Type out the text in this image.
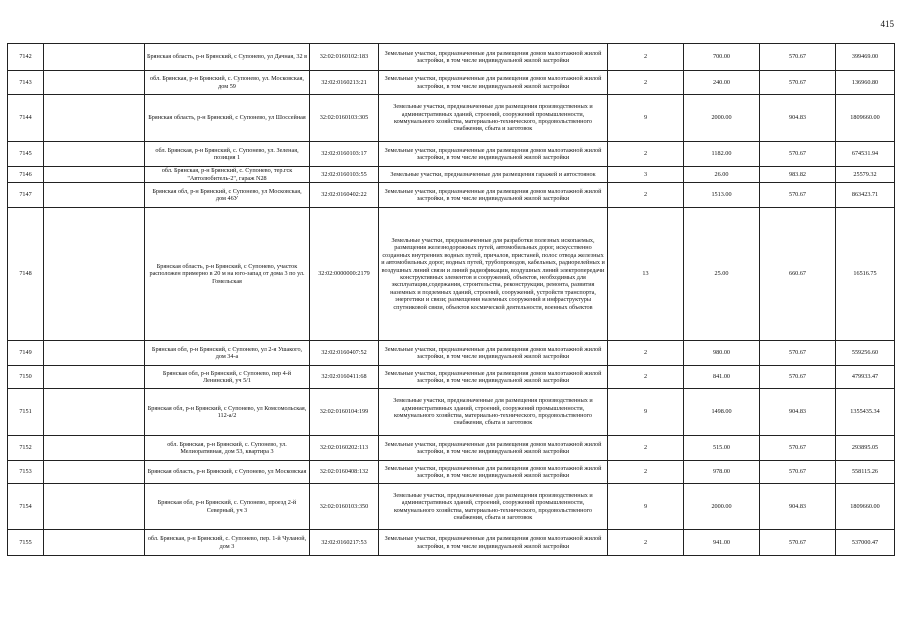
415
7142		Брянская область, р-н Брянский, с Супонево, ул Дачная, 32 в	32:02:0160102:183	Земельные участки, предназначенные для размещения домов малоэтажной жилой застройки, в том числе индивидуальной жилой застройки	2	700.00	570.67	399469.00
7143		обл. Брянская, р-н Брянский, с. Супонево, ул. Московская, дом 59	32:02:0160213:21	Земельные участки, предназначенные для размещения домов малоэтажной жилой застройки, в том числе индивидуальной жилой застройки	2	240.00	570.67	136960.80
7144		Брянская область, р-н Брянский, с Супонево, ул Шоссейная	32:02:0160103:305	Земельные участки, предназначенные для размещения производственных и административных зданий, строений, сооружений промышленности, коммунального хозяйства, материально-технического, продовольственного снабжения, сбыта и заготовок	9	2000.00	904.83	1809660.00
7145		обл. Брянская, р-н Брянский, с. Супонево, ул. Зеленая, позиция 1	32:02:0160103:17	Земельные участки, предназначенные для размещения домов малоэтажной жилой застройки, в том числе индивидуальной жилой застройки	2	1182.00	570.67	674531.94
7146		обл. Брянская, р-н Брянский, с. Супонево, тер.гск "Автолюбитель-2", гараж N28	32:02:0160103:55	Земельные участки, предназначенные для размещения гаражей и автостоянок	3	26.00	983.82	25579.32
7147		Брянская обл, р-н Брянский, с Супонево, ул Московская, дом 46У	32:02:0160402:22	Земельные участки, предназначенные для размещения домов малоэтажной жилой застройки, в том числе индивидуальной жилой застройки	2	1513.00	570.67	863423.71
7148		Брянская область, р-н Брянский, с Супонево, участок расположен примерно в 20 м на юго-запад от дома 3 по ул. Гомельская	32:02:0000000:2179	Земельные участки, предназначенные для разработки полезных ископаемых, размещения железнодорожных путей, автомобильных дорог, искусственно созданных внутренних водных путей, причалов, пристаней, полос отвода железных и автомобильных дорог, водных путей, трубопроводов, кабельных, радиорелейных и воздушных линий связи и линий радиофикации, воздушных линий электропередачи конструктивных элементов и сооружений, объектов, необходимых для эксплуатации,содержания, строительства, реконструкции, ремонта, развития наземных и подземных зданий, строений, сооружений, устройств транспорта, энергетики и связи; размещения наземных сооружений и инфраструктуры спутниковой связи, объектов космической деятельности, военных объектов	13	25.00	660.67	16516.75
7149		Брянская обл, р-н Брянский, с Супонево, ул 2-я Ушакого, дом 34-а	32:02:0160407:52	Земельные участки, предназначенные для размещения домов малоэтажной жилой застройки, в том числе индивидуальной жилой застройки	2	980.00	570.67	559256.60
7150		Брянская обл, р-н Брянский, с Супонево, пер 4-й Ленинский, уч 5/1	32:02:0160411:68	Земельные участки, предназначенные для размещения домов малоэтажной жилой застройки, в том числе индивидуальной жилой застройки	2	841.00	570.67	479933.47
7151		Брянская обл, р-н Брянский, с Супонево, ул Комсомольская, 112-а/2	32:02:0160104:199	Земельные участки, предназначенные для размещения производственных и административных зданий, строений, сооружений промышленности, коммунального хозяйства, материально-технического, продовольственного снабжения, сбыта и заготовок	9	1498.00	904.83	1355435.34
7152		обл. Брянская, р-н Брянский, с. Супонево, ул. Мелиоративная, дом 53, квартира 3	32:02:0160202:113	Земельные участки, предназначенные для размещения домов малоэтажной жилой застройки, в том числе индивидуальной жилой застройки	2	515.00	570.67	293895.05
7153		Брянская область, р-н Брянский, с Супонево, ул Московская	32:02:0160408:132	Земельные участки, предназначенные для размещения домов малоэтажной жилой застройки, в том числе индивидуальной жилой застройки	2	978.00	570.67	558115.26
7154		Брянская обл, р-н Брянский, с. Супонево, проезд 2-й Северный, уч 3	32:02:0160103:350	Земельные участки, предназначенные для размещения производственных и административных зданий, строений, сооружений промышленности, коммунального хозяйства, материально-технического, продовольственного снабжения, сбыта и заготовок	9	2000.00	904.83	1809660.00
7155		обл. Брянская, р-н Брянский, с. Супонево, пер. 1-й Чуланой, дом 3	32:02:0160217:53	Земельные участки, предназначенные для размещения домов малоэтажной жилой застройки, в том числе индивидуальной жилой застройки	2	941.00	570.67	537000.47
